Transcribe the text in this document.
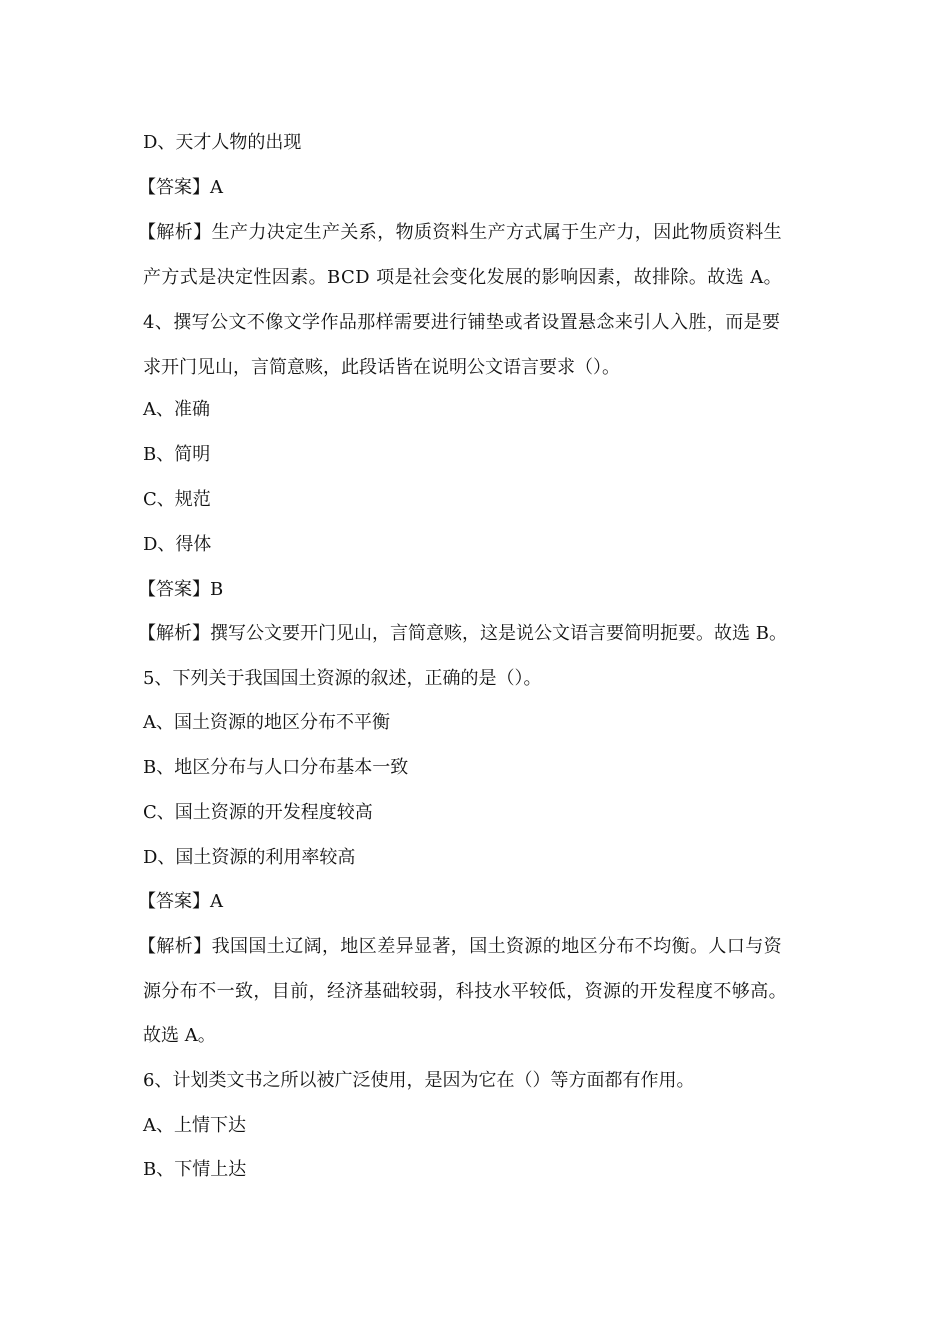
D、天才人物的出现
【答案】A
【解析】生产力决定生产关系，物质资料生产方式属于生产力，因此物质资料生
产方式是决定性因素。BCD 项是社会变化发展的影响因素，故排除。故选 A。
4、撰写公文不像文学作品那样需要进行铺垫或者设置悬念来引人入胜，而是要
求开门见山，言简意赅，此段话皆在说明公文语言要求（）。
A、准确
B、简明
C、规范
D、得体
【答案】B
【解析】撰写公文要开门见山，言简意赅，这是说公文语言要简明扼要。故选 B。
5、下列关于我国国土资源的叙述，正确的是（）。
A、国土资源的地区分布不平衡
B、地区分布与人口分布基本一致
C、国土资源的开发程度较高
D、国土资源的利用率较高
【答案】A
【解析】我国国土辽阔，地区差异显著，国土资源的地区分布不均衡。人口与资
源分布不一致，目前，经济基础较弱，科技水平较低，资源的开发程度不够高。
故选 A。
6、计划类文书之所以被广泛使用，是因为它在（）等方面都有作用。
A、上情下达
B、下情上达
